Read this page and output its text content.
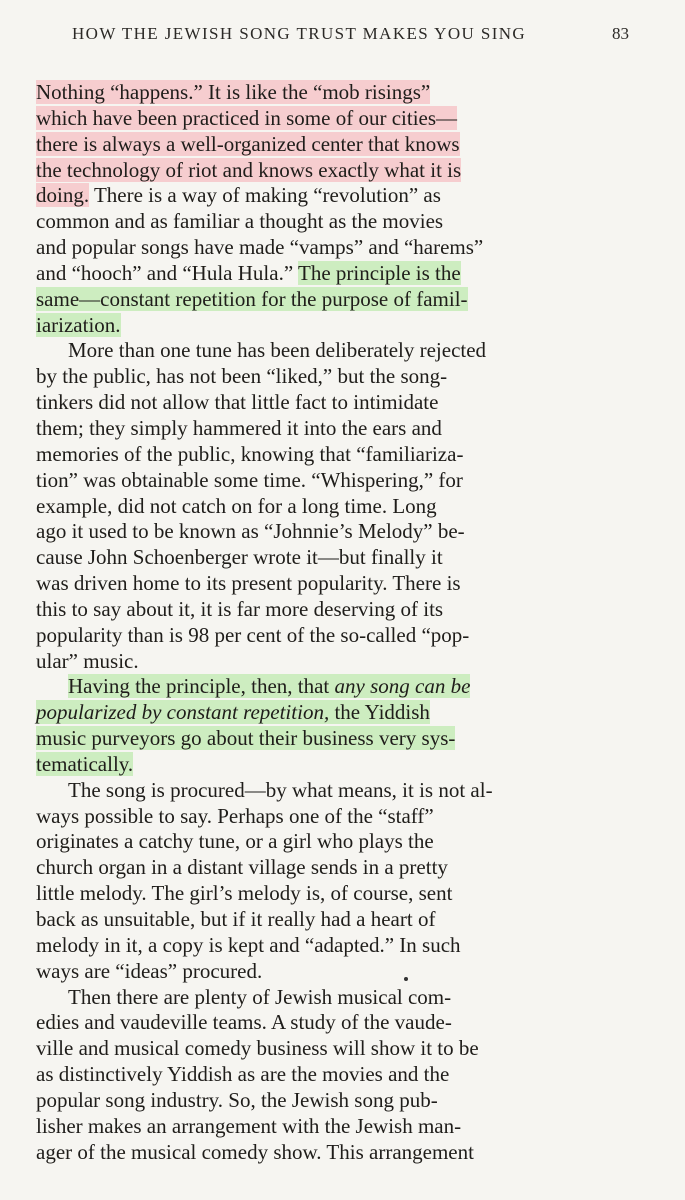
HOW THE JEWISH SONG TRUST MAKES YOU SING	83
Nothing “happens.” It is like the “mob risings”
which have been practiced in some of our cities—
there is always a well-organized center that knows
the technology of riot and knows exactly what it is
doing. There is a way of making “revolution” as
common and as familiar a thought as the movies
and popular songs have made “vamps” and “harems”
and “hooch” and “Hula Hula.” The principle is the
same—constant repetition for the purpose of famil-
iarization.
More than one tune has been deliberately rejected
by the public, has not been “liked,” but the song-
tinkers did not allow that little fact to intimidate
them; they simply hammered it into the ears and
memories of the public, knowing that “familiariza-
tion” was obtainable some time. “Whispering,” for
example, did not catch on for a long time. Long
ago it used to be known as “Johnnie’s Melody” be-
cause John Schoenberger wrote it—but finally it
was driven home to its present popularity. There is
this to say about it, it is far more deserving of its
popularity than is 98 per cent of the so-called “pop-
ular” music.
Having the principle, then, that any song can be
popularized by constant repetition, the Yiddish
music purveyors go about their business very sys-
tematically.
The song is procured—by what means, it is not al-
ways possible to say. Perhaps one of the “staff”
originates a catchy tune, or a girl who plays the
church organ in a distant village sends in a pretty
little melody. The girl’s melody is, of course, sent
back as unsuitable, but if it really had a heart of
melody in it, a copy is kept and “adapted.” In such
ways are “ideas” procured.
Then there are plenty of Jewish musical com-
edies and vaudeville teams. A study of the vaude-
ville and musical comedy business will show it to be
as distinctively Yiddish as are the movies and the
popular song industry. So, the Jewish song pub-
lisher makes an arrangement with the Jewish man-
ager of the musical comedy show. This arrangement
